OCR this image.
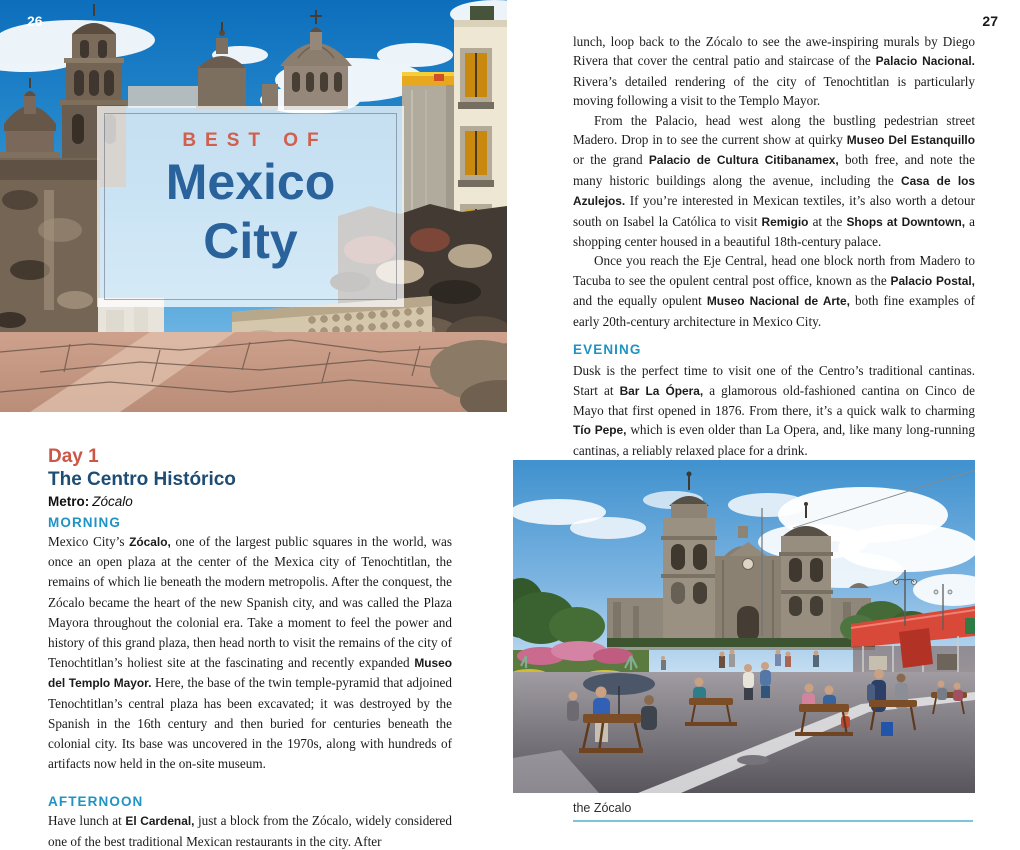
26
BEST OF
Mexico
City
Day 1
The Centro Histórico
Metro: Zócalo
MORNING

Mexico City’s Zócalo, one of the largest public squares in the world, was once an open plaza at the center of the Mexica city of Tenochtitlan, the remains of which lie beneath the modern metropolis. After the conquest, the Zócalo became the heart of the new Spanish city, and was called the Plaza Mayora throughout the colonial era. Take a moment to feel the power and history of this grand plaza, then head north to visit the remains of the city of Tenochtitlan’s holiest site at the fascinating and recently expanded Museo del Templo Mayor. Here, the base of the twin temple-pyramid that adjoined Tenochtitlan’s central plaza has been excavated; it was destroyed by the Spanish in the 16th century and then buried for centuries beneath the colonial city. Its base was uncovered in the 1970s, along with hundreds of artifacts now held in the on-site museum.

AFTERNOON

Have lunch at El Cardenal, just a block from the Zócalo, widely considered one of the best traditional Mexican restaurants in the city. After

27

lunch, loop back to the Zócalo to see the awe-inspiring murals by Diego Rivera that cover the central patio and staircase of the Palacio Nacional. Rivera’s detailed rendering of the city of Tenochtitlan is particularly moving following a visit to the Templo Mayor.

From the Palacio, head west along the bustling pedestrian street Madero. Drop in to see the current show at quirky Museo Del Estanquillo or the grand Palacio de Cultura Citibanamex, both free, and note the many historic buildings along the avenue, including the Casa de los Azulejos. If you’re interested in Mexican textiles, it’s also worth a detour south on Isabel la Católica to visit Remigio at the Shops at Downtown, a shopping center housed in a beautiful 18th-century palace.

Once you reach the Eje Central, head one block north from Madero to Tacuba to see the opulent central post office, known as the Palacio Postal, and the equally opulent Museo Nacional de Arte, both fine examples of early 20th-century architecture in Mexico City.

EVENING

Dusk is the perfect time to visit one of the Centro’s traditional cantinas. Start at Bar La Ópera, a glamorous old-fashioned cantina on Cinco de Mayo that first opened in 1876. From there, it’s a quick walk to charming Tío Pepe, which is even older than La Opera, and, like many long-running cantinas, a reliably relaxed place for a drink.

the Zócalo
